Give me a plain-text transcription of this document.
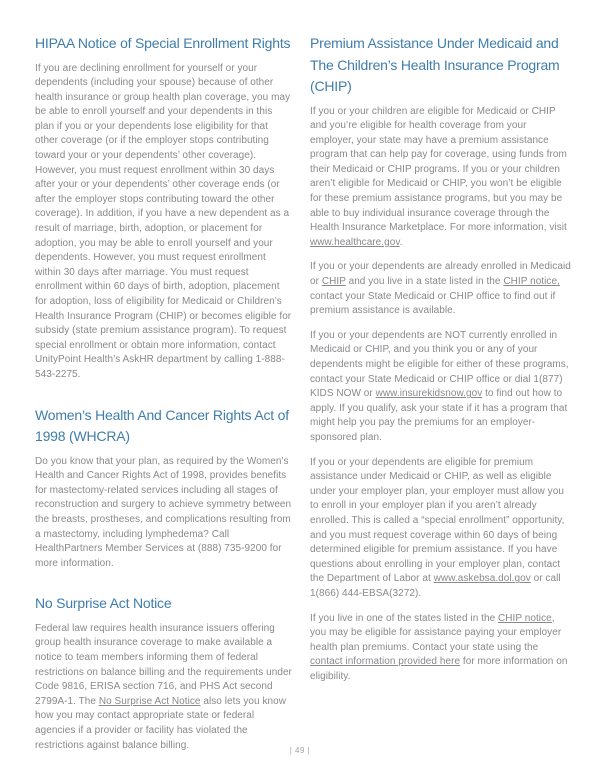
HIPAA Notice of Special Enrollment Rights

If you are declining enrollment for yourself or your dependents (including your spouse) because of other health insurance or group health plan coverage, you may be able to enroll yourself and your dependents in this plan if you or your dependents lose eligibility for that other coverage (or if the employer stops contributing toward your or your dependents’ other coverage). However, you must request enrollment within 30 days after your or your dependents’ other coverage ends (or after the employer stops contributing toward the other coverage). In addition, if you have a new dependent as a result of marriage, birth, adoption, or placement for adoption, you may be able to enroll yourself and your dependents. However, you must request enrollment within 30 days after marriage. You must request enrollment within 60 days of birth, adoption, placement for adoption, loss of eligibility for Medicaid or Children’s Health Insurance Program (CHIP) or becomes eligible for subsidy (state premium assistance program). To request special enrollment or obtain more information, contact UnityPoint Health’s AskHR department by calling 1-888-543-2275.

Women’s Health And Cancer Rights Act of
1998 (WHCRA)

Do you know that your plan, as required by the Women’s Health and Cancer Rights Act of 1998, provides benefits for mastectomy-related services including all stages of reconstruction and surgery to achieve symmetry between the breasts, prostheses, and complications resulting from a mastectomy, including lymphedema? Call HealthPartners Member Services at (888) 735-9200 for more information.

No Surprise Act Notice

Federal law requires health insurance issuers offering group health insurance coverage to make available a notice to team members informing them of federal restrictions on balance billing and the requirements under Code 9816, ERISA section 716, and PHS Act second 2799A-1. The No Surprise Act Notice also lets you know how you may contact appropriate state or federal agencies if a provider or facility has violated the restrictions against balance billing.

Premium Assistance Under Medicaid and
The Children’s Health Insurance Program
(CHIP)

If you or your children are eligible for Medicaid or CHIP and you’re eligible for health coverage from your employer, your state may have a premium assistance program that can help pay for coverage, using funds from their Medicaid or CHIP programs. If you or your children aren’t eligible for Medicaid or CHIP, you won’t be eligible for these premium assistance programs, but you may be able to buy individual insurance coverage through the Health Insurance Marketplace. For more information, visit www.healthcare.gov.

If you or your dependents are already enrolled in Medicaid or CHIP and you live in a state listed in the CHIP notice, contact your State Medicaid or CHIP office to find out if premium assistance is available.

If you or your dependents are NOT currently enrolled in Medicaid or CHIP, and you think you or any of your dependents might be eligible for either of these programs, contact your State Medicaid or CHIP office or dial 1(877) KIDS NOW or www.insurekidsnow.gov to find out how to apply. If you qualify, ask your state if it has a program that might help you pay the premiums for an employer-sponsored plan.

If you or your dependents are eligible for premium assistance under Medicaid or CHIP, as well as eligible under your employer plan, your employer must allow you to enroll in your employer plan if you aren’t already enrolled. This is called a “special enrollment” opportunity, and you must request coverage within 60 days of being determined eligible for premium assistance. If you have questions about enrolling in your employer plan, contact the Department of Labor at www.askebsa.dol.gov or call 1(866) 444-EBSA(3272).

If you live in one of the states listed in the CHIP notice, you may be eligible for assistance paying your employer health plan premiums. Contact your state using the contact information provided here for more information on eligibility.

| 49 |
